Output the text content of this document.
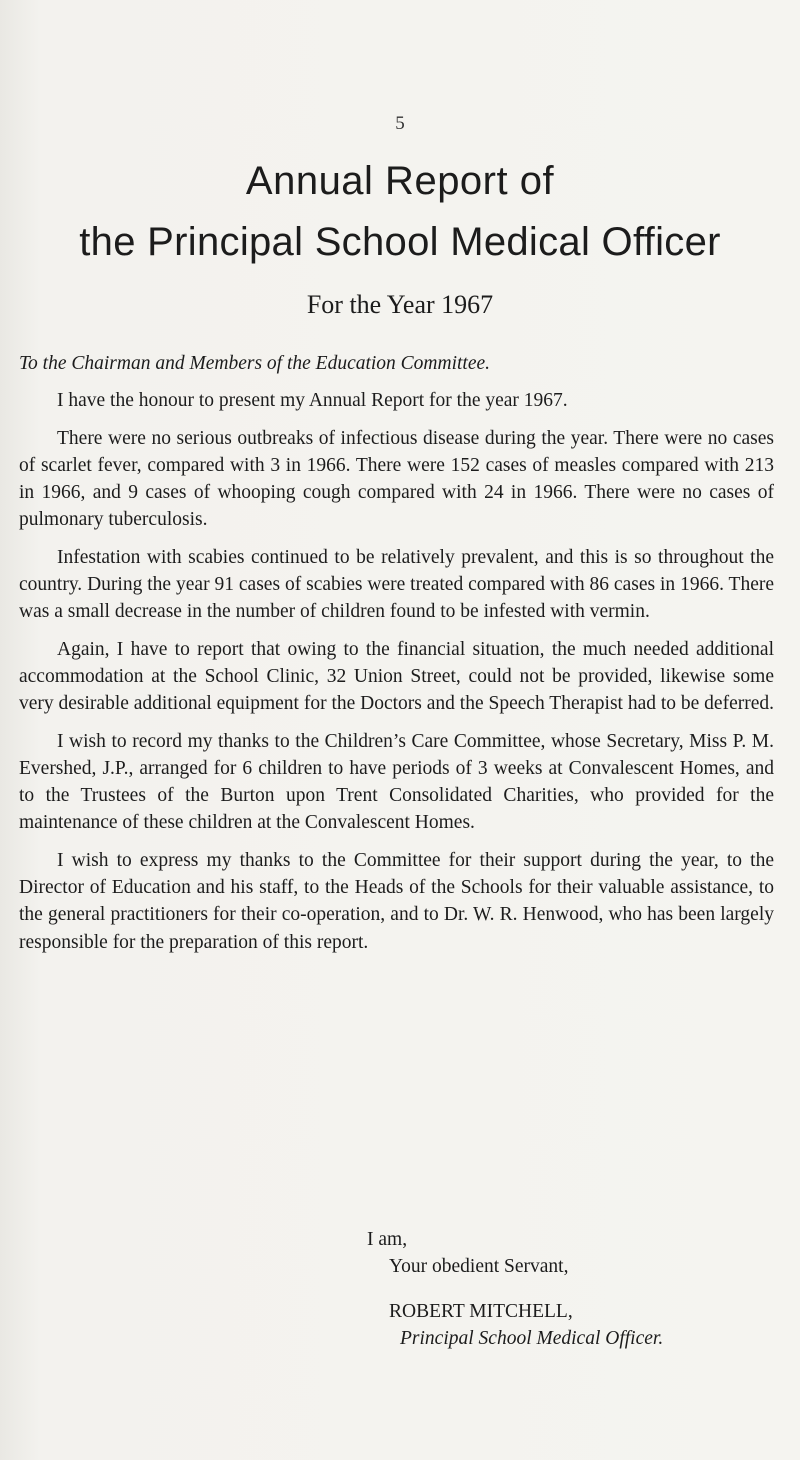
5
Annual Report of
the Principal School Medical Officer
For the Year 1967

To the Chairman and Members of the Education Committee.

I have the honour to present my Annual Report for the year 1967.

There were no serious outbreaks of infectious disease during the year. There were no cases of scarlet fever, compared with 3 in 1966. There were 152 cases of measles compared with 213 in 1966, and 9 cases of whooping cough compared with 24 in 1966. There were no cases of pulmonary tuberculosis.

Infestation with scabies continued to be relatively prevalent, and this is so throughout the country. During the year 91 cases of scabies were treated compared with 86 cases in 1966. There was a small decrease in the number of children found to be infested with vermin.

Again, I have to report that owing to the financial situation, the much needed additional accommodation at the School Clinic, 32 Union Street, could not be provided, likewise some very desirable additional equipment for the Doctors and the Speech Therapist had to be deferred.

I wish to record my thanks to the Children’s Care Committee, whose Secretary, Miss P. M. Evershed, J.P., arranged for 6 children to have periods of 3 weeks at Convalescent Homes, and to the Trustees of the Burton upon Trent Consolidated Charities, who provided for the maintenance of these children at the Convalescent Homes.

I wish to express my thanks to the Committee for their support during the year, to the Director of Education and his staff, to the Heads of the Schools for their valuable assistance, to the general practitioners for their co-operation, and to Dr. W. R. Henwood, who has been largely responsible for the preparation of this report.

I am,
Your obedient Servant,
ROBERT MITCHELL,
Principal School Medical Officer.
